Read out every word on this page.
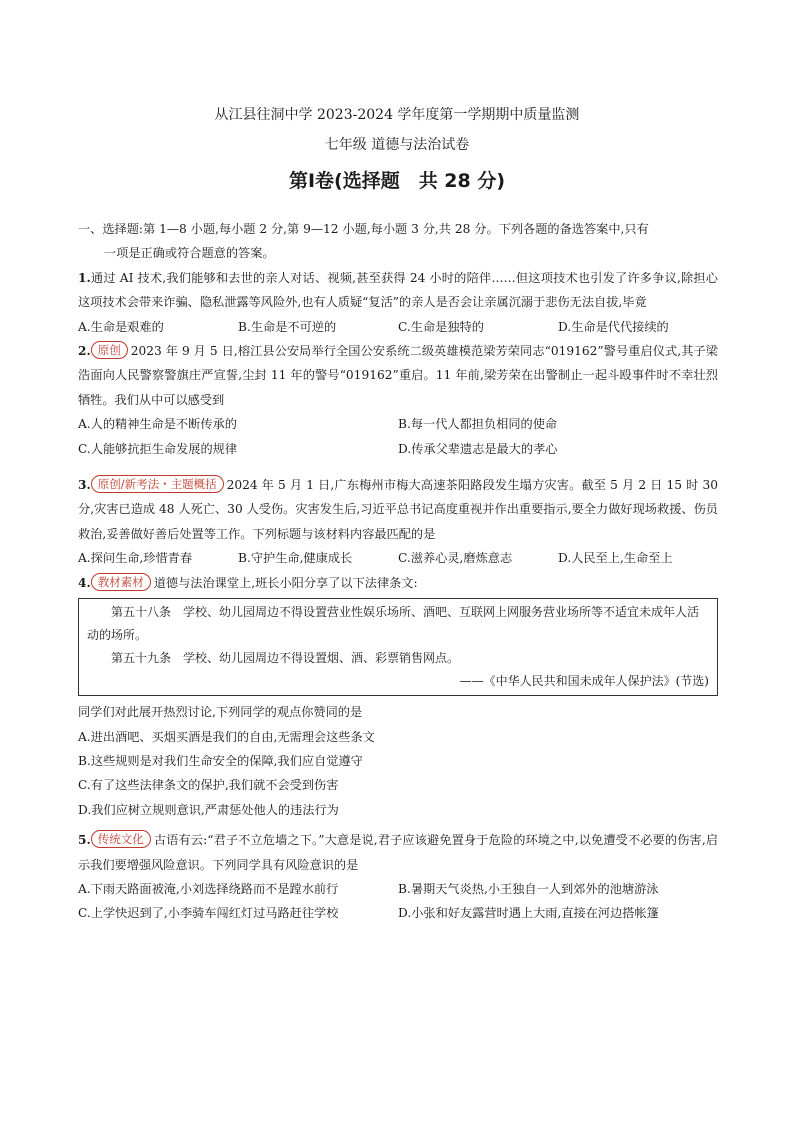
从江县往洞中学 2023-2024 学年度第一学期期中质量监测
七年级 道德与法治试卷
第Ⅰ卷(选择题　共 28 分)

一、选择题:第 1—8 小题,每小题 2 分,第 9—12 小题,每小题 3 分,共 28 分。下列各题的备选答案中,只有

一项是正确或符合题意的答案。

1.通过 AI 技术,我们能够和去世的亲人对话、视频,甚至获得 24 小时的陪伴……但这项技术也引发了许多争议,除担心这项技术会带来诈骗、隐私泄露等风险外,也有人质疑“复活”的亲人是否会让亲属沉溺于悲伤无法自拔,毕竟

A.生命是艰难的	B.生命是不可逆的	C.生命是独特的	D.生命是代代接续的

2. 原创 2023 年 9 月 5 日,榕江县公安局举行全国公安系统二级英雄模范梁芳荣同志“019162”警号重启仪式,其子梁浩面向人民警察警旗庄严宣誓,尘封 11 年的警号“019162”重启。11 年前,梁芳荣在出警制止一起斗殴事件时不幸壮烈牺牲。我们从中可以感受到

A.人的精神生命是不断传承的	B.每一代人都担负相同的使命
C.人能够抗拒生命发展的规律	D.传承父辈遗志是最大的孝心

3. 原创/新考法・主题概括 2024 年 5 月 1 日,广东梅州市梅大高速茶阳路段发生塌方灾害。截至 5 月 2 日 15 时 30 分,灾害已造成 48 人死亡、30 人受伤。灾害发生后,习近平总书记高度重视并作出重要指示,要全力做好现场救援、伤员救治,妥善做好善后处置等工作。下列标题与该材料内容最匹配的是

A.探问生命,珍惜青春	B.守护生命,健康成长	C.滋养心灵,磨炼意志	D.人民至上,生命至上

4. 教材素材 道德与法治课堂上,班长小阳分享了以下法律条文:

第五十八条　学校、幼儿园周边不得设置营业性娱乐场所、酒吧、互联网上网服务营业场所等不适宜未成年人活动的场所。

第五十九条　学校、幼儿园周边不得设置烟、酒、彩票销售网点。

——《中华人民共和国未成年人保护法》(节选)

同学们对此展开热烈讨论,下列同学的观点你赞同的是

A.进出酒吧、买烟买酒是我们的自由,无需理会这些条文

B.这些规则是对我们生命安全的保障,我们应自觉遵守

C.有了这些法律条文的保护,我们就不会受到伤害

D.我们应树立规则意识,严肃惩处他人的违法行为

5. 传统文化 古语有云:“君子不立危墙之下。”大意是说,君子应该避免置身于危险的环境之中,以免遭受不必要的伤害,启示我们要增强风险意识。下列同学具有风险意识的是

A.下雨天路面被淹,小刘选择绕路而不是蹚水前行	B.暑期天气炎热,小王独自一人到郊外的池塘游泳
C.上学快迟到了,小李骑车闯红灯过马路赶往学校	D.小张和好友露营时遇上大雨,直接在河边搭帐篷
